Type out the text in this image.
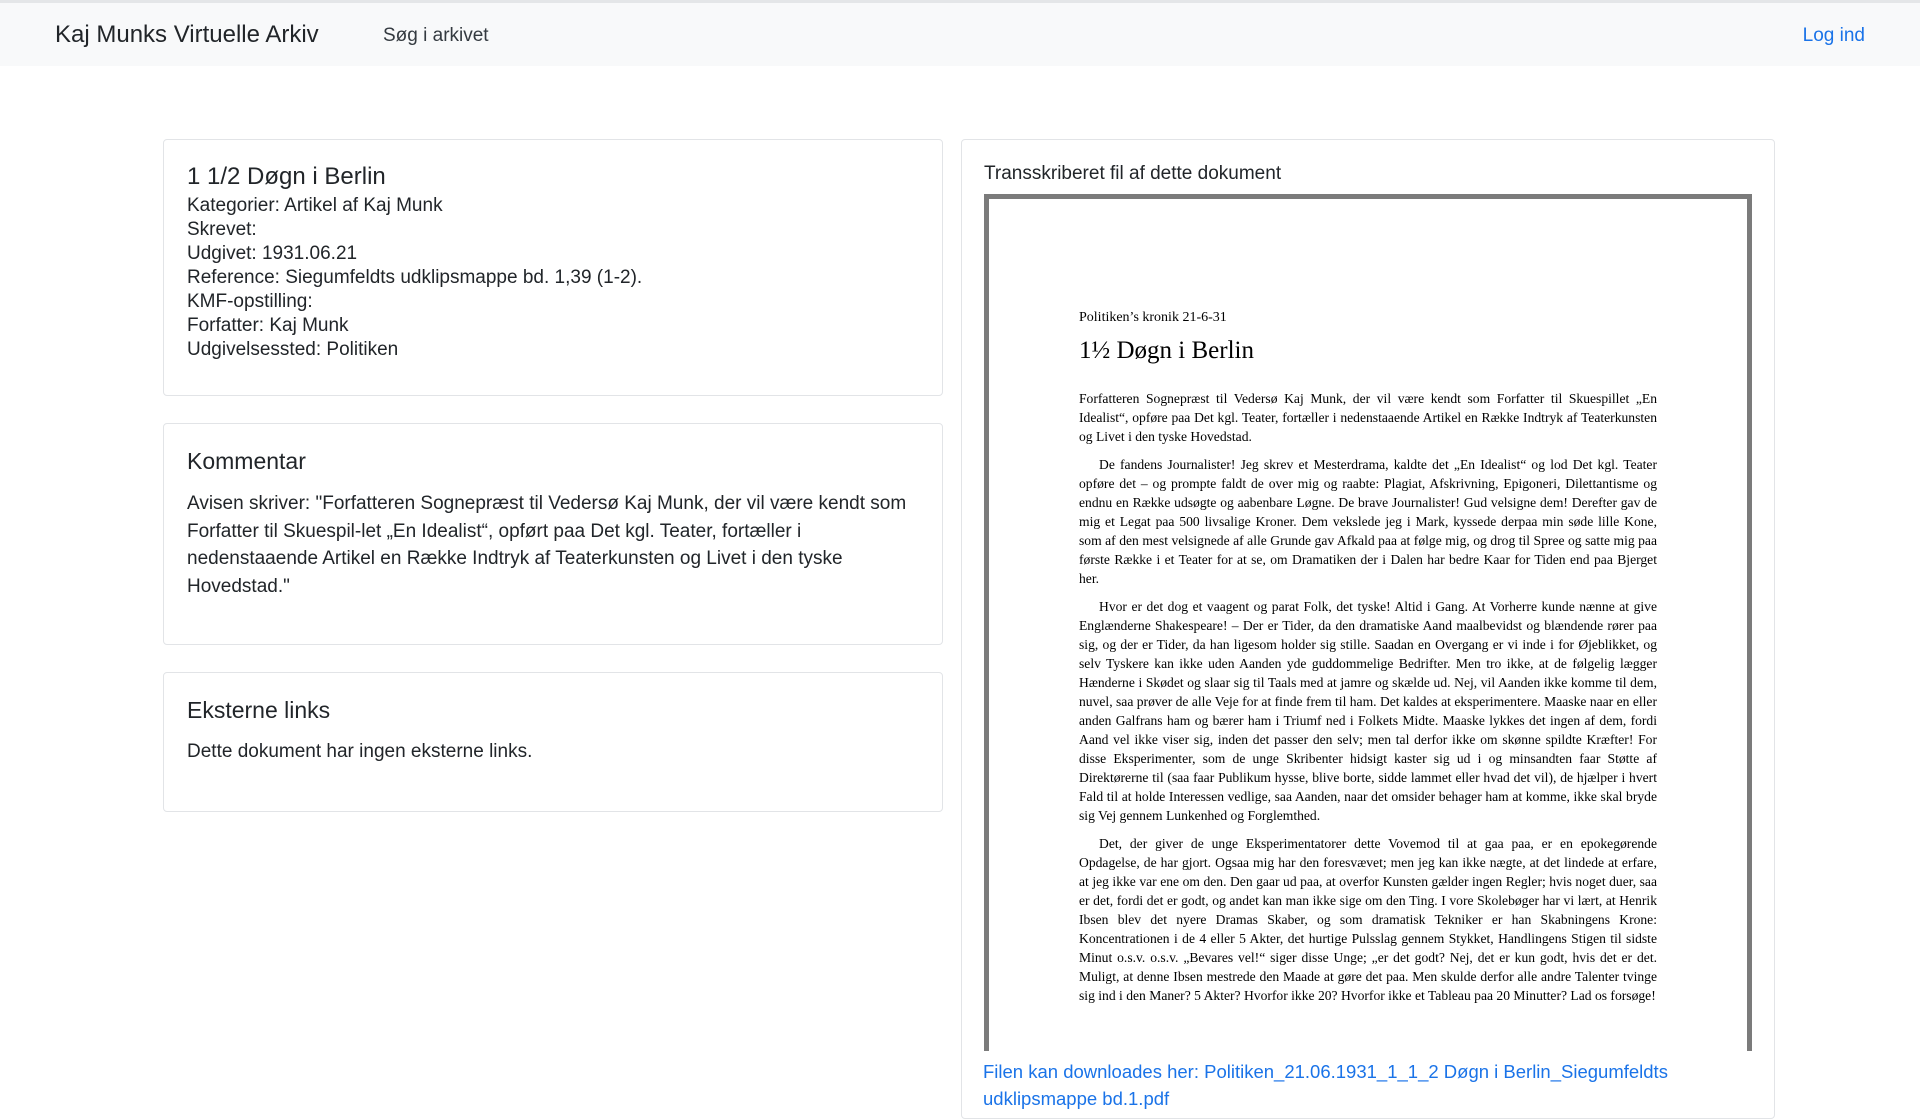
Kaj Munks Virtuelle Arkiv	Søg i arkivet	Log ind
1 1/2 Døgn i Berlin
Kategorier: Artikel af Kaj Munk
Skrevet:
Udgivet: 1931.06.21
Reference: Siegumfeldts udklipsmappe bd. 1,39 (1-2).
KMF-opstilling:
Forfatter: Kaj Munk
Udgivelsessted: Politiken
Kommentar
Avisen skriver: "Forfatteren Sognepræst til Vedersø Kaj Munk, der vil være kendt som Forfatter til Skuespil-let „En Idealist“, opført paa Det kgl. Teater, fortæller i nedenstaaende Artikel en Række Indtryk af Teaterkunsten og Livet i den tyske Hovedstad."
Eksterne links
Dette dokument har ingen eksterne links.
Transskriberet fil af dette dokument
Politiken’s kronik 21-6-31
1½ Døgn i Berlin

Forfatteren Sognepræst til Vedersø Kaj Munk, der vil være kendt som Forfatter til Skuespillet „En Idealist“, opføre paa Det kgl. Teater, fortæller i nedenstaaende Artikel en Række Indtryk af Teaterkunsten og Livet i den tyske Hovedstad.

De fandens Journalister! Jeg skrev et Mesterdrama, kaldte det „En Idealist“ og lod Det kgl. Teater opføre det – og prompte faldt de over mig og raabte: Plagiat, Afskrivning, Epigoneri, Dilettantisme og endnu en Række udsøgte og aabenbare Løgne. De brave Journalister! Gud velsigne dem! Derefter gav de mig et Legat paa 500 livsalige Kroner. Dem vekslede jeg i Mark, kyssede derpaa min søde lille Kone, som af den mest velsignede af alle Grunde gav Afkald paa at følge mig, og drog til Spree og satte mig paa første Række i et Teater for at se, om Dramatiken der i Dalen har bedre Kaar for Tiden end paa Bjerget her.

Hvor er det dog et vaagent og parat Folk, det tyske! Altid i Gang. At Vorherre kunde nænne at give Englænderne Shakespeare! – Der er Tider, da den dramatiske Aand maalbevidst og blændende rører paa sig, og der er Tider, da han ligesom holder sig stille. Saadan en Overgang er vi inde i for Øjeblikket, og selv Tyskere kan ikke uden Aanden yde guddommelige Bedrifter. Men tro ikke, at de følgelig lægger Hænderne i Skødet og slaar sig til Taals med at jamre og skælde ud. Nej, vil Aanden ikke komme til dem, nuvel, saa prøver de alle Veje for at finde frem til ham. Det kaldes at eksperimentere. Maaske naar en eller anden Galfrans ham og bærer ham i Triumf ned i Folkets Midte. Maaske lykkes det ingen af dem, fordi Aand vel ikke viser sig, inden det passer den selv; men tal derfor ikke om skønne spildte Kræfter! For disse Eksperimenter, som de unge Skribenter hidsigt kaster sig ud i og minsandten faar Støtte af Direktørerne til (saa faar Publikum hysse, blive borte, sidde lammet eller hvad det vil), de hjælper i hvert Fald til at holde Interessen vedlige, saa Aanden, naar det omsider behager ham at komme, ikke skal bryde sig Vej gennem Lunkenhed og Forglemthed.

Det, der giver de unge Eksperimentatorer dette Vovemod til at gaa paa, er en epokegørende Opdagelse, de har gjort. Ogsaa mig har den foresvævet; men jeg kan ikke nægte, at det lindede at erfare, at jeg ikke var ene om den. Den gaar ud paa, at overfor Kunsten gælder ingen Regler; hvis noget duer, saa er det, fordi det er godt, og andet kan man ikke sige om den Ting. I vore Skolebøger har vi lært, at Henrik Ibsen blev det nyere Dramas Skaber, og som dramatisk Tekniker er han Skabningens Krone: Koncentrationen i de 4 eller 5 Akter, det hurtige Pulsslag gennem Stykket, Handlingens Stigen til sidste Minut o.s.v. o.s.v. „Bevares vel!“ siger disse Unge; „er det godt? Nej, det er kun godt, hvis det er det. Muligt, at denne Ibsen mestrede den Maade at gøre det paa. Men skulde derfor alle andre Talenter tvinge sig ind i den Maner? 5 Akter? Hvorfor ikke 20? Hvorfor ikke et Tableau paa 20 Minutter? Lad os forsøge!

Filen kan downloades her: Politiken_21.06.1931_1_1_2 Døgn i Berlin_Siegumfeldts udklipsmappe bd.1.pdf
